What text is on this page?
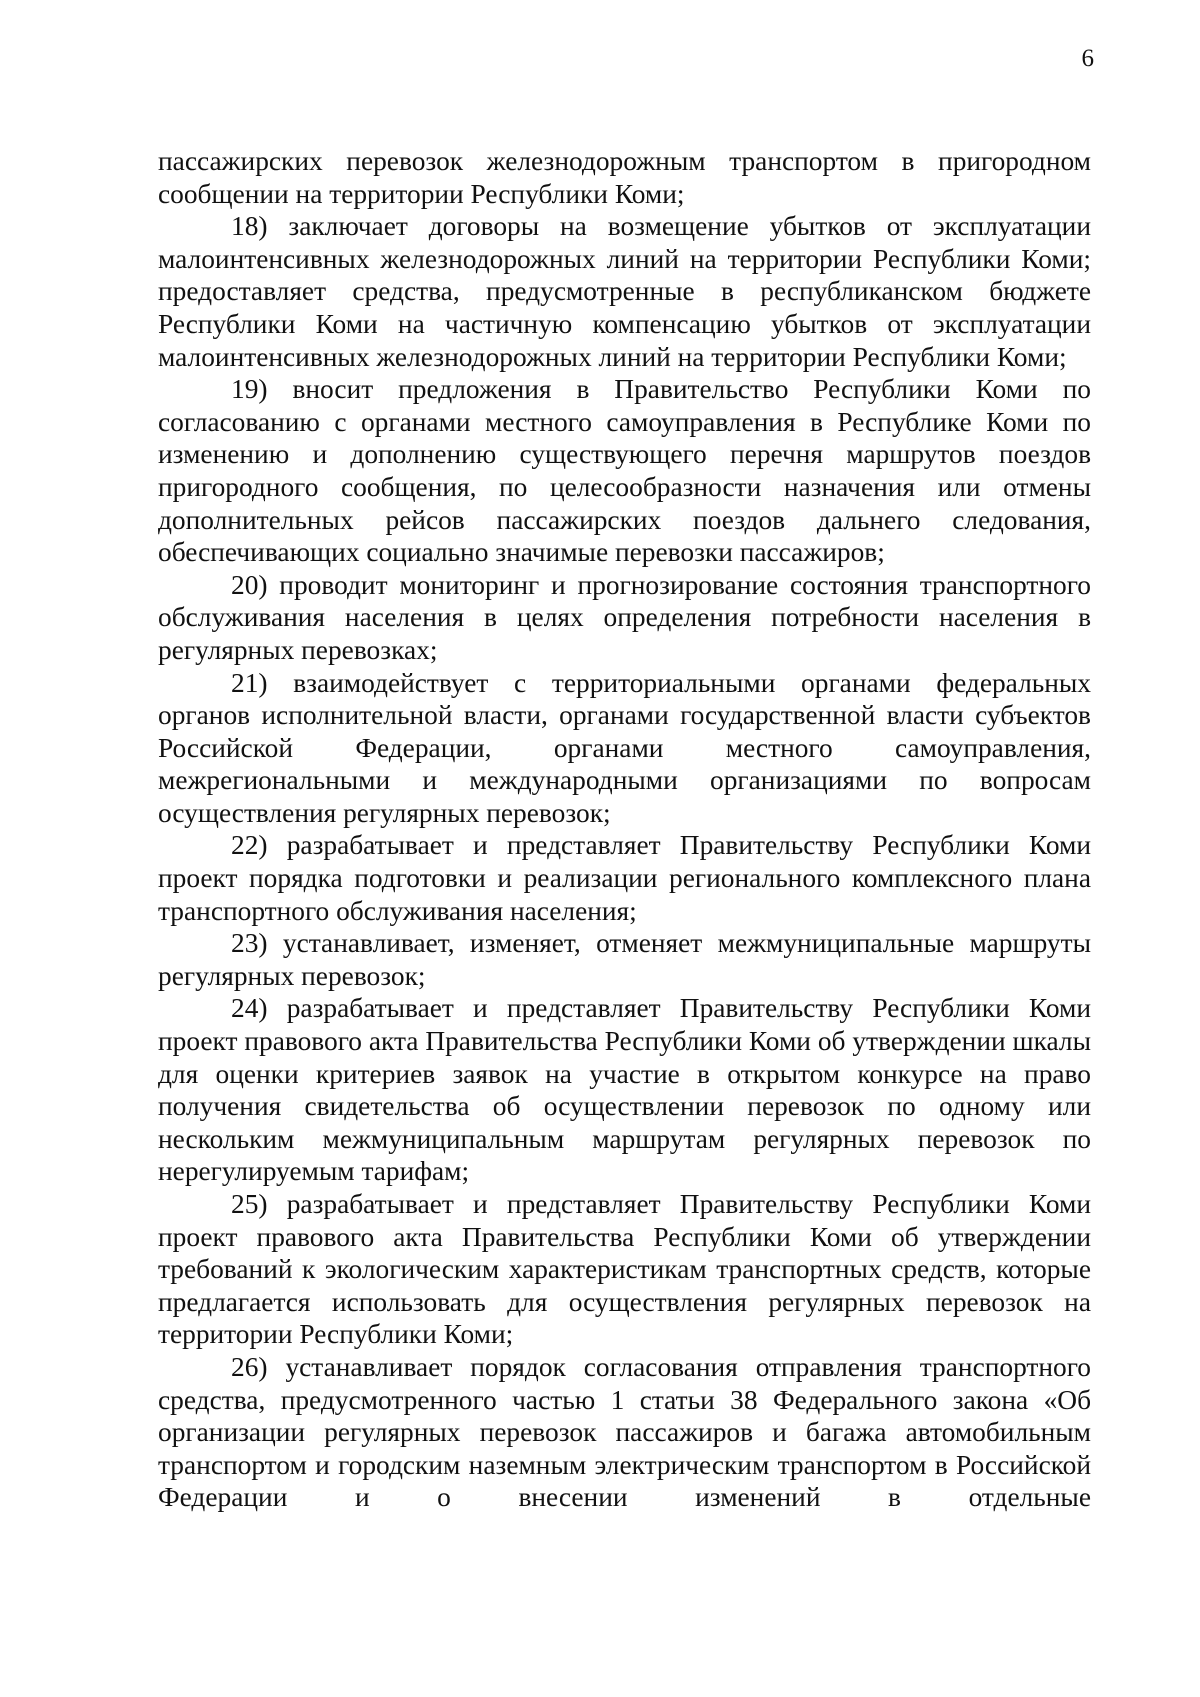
6

пассажирских перевозок железнодорожным транспортом в пригородном сообщении на территории Республики Коми;

18) заключает договоры на возмещение убытков от эксплуатации малоинтенсивных железнодорожных линий на территории Республики Коми; предоставляет средства, предусмотренные в республиканском бюджете Республики Коми на частичную компенсацию убытков от эксплуатации малоинтенсивных железнодорожных линий на территории Республики Коми;

19) вносит предложения в Правительство Республики Коми по согласованию с органами местного самоуправления в Республике Коми по изменению и дополнению существующего перечня маршрутов поездов пригородного сообщения, по целесообразности назначения или отмены дополнительных рейсов пассажирских поездов дальнего следования, обеспечивающих социально значимые перевозки пассажиров;

20) проводит мониторинг и прогнозирование состояния транспортного обслуживания населения в целях определения потребности населения в регулярных перевозках;

21) взаимодействует с территориальными органами федеральных органов исполнительной власти, органами государственной власти субъектов Российской Федерации, органами местного самоуправления, межрегиональными и международными организациями по вопросам осуществления регулярных перевозок;

22) разрабатывает и представляет Правительству Республики Коми проект порядка подготовки и реализации регионального комплексного плана транспортного обслуживания населения;

23) устанавливает, изменяет, отменяет межмуниципальные маршруты регулярных перевозок;

24) разрабатывает и представляет Правительству Республики Коми проект правового акта Правительства Республики Коми об утверждении шкалы для оценки критериев заявок на участие в открытом конкурсе на право получения свидетельства об осуществлении перевозок по одному или нескольким межмуниципальным маршрутам регулярных перевозок по нерегулируемым тарифам;

25) разрабатывает и представляет Правительству Республики Коми проект правового акта Правительства Республики Коми об утверждении требований к экологическим характеристикам транспортных средств, которые предлагается использовать для осуществления регулярных перевозок на территории Республики Коми;

26) устанавливает порядок согласования отправления транспортного средства, предусмотренного частью 1 статьи 38 Федерального закона «Об организации регулярных перевозок пассажиров и багажа автомобильным транспортом и городским наземным электрическим транспортом в Российской Федерации и о внесении изменений в отдельные
